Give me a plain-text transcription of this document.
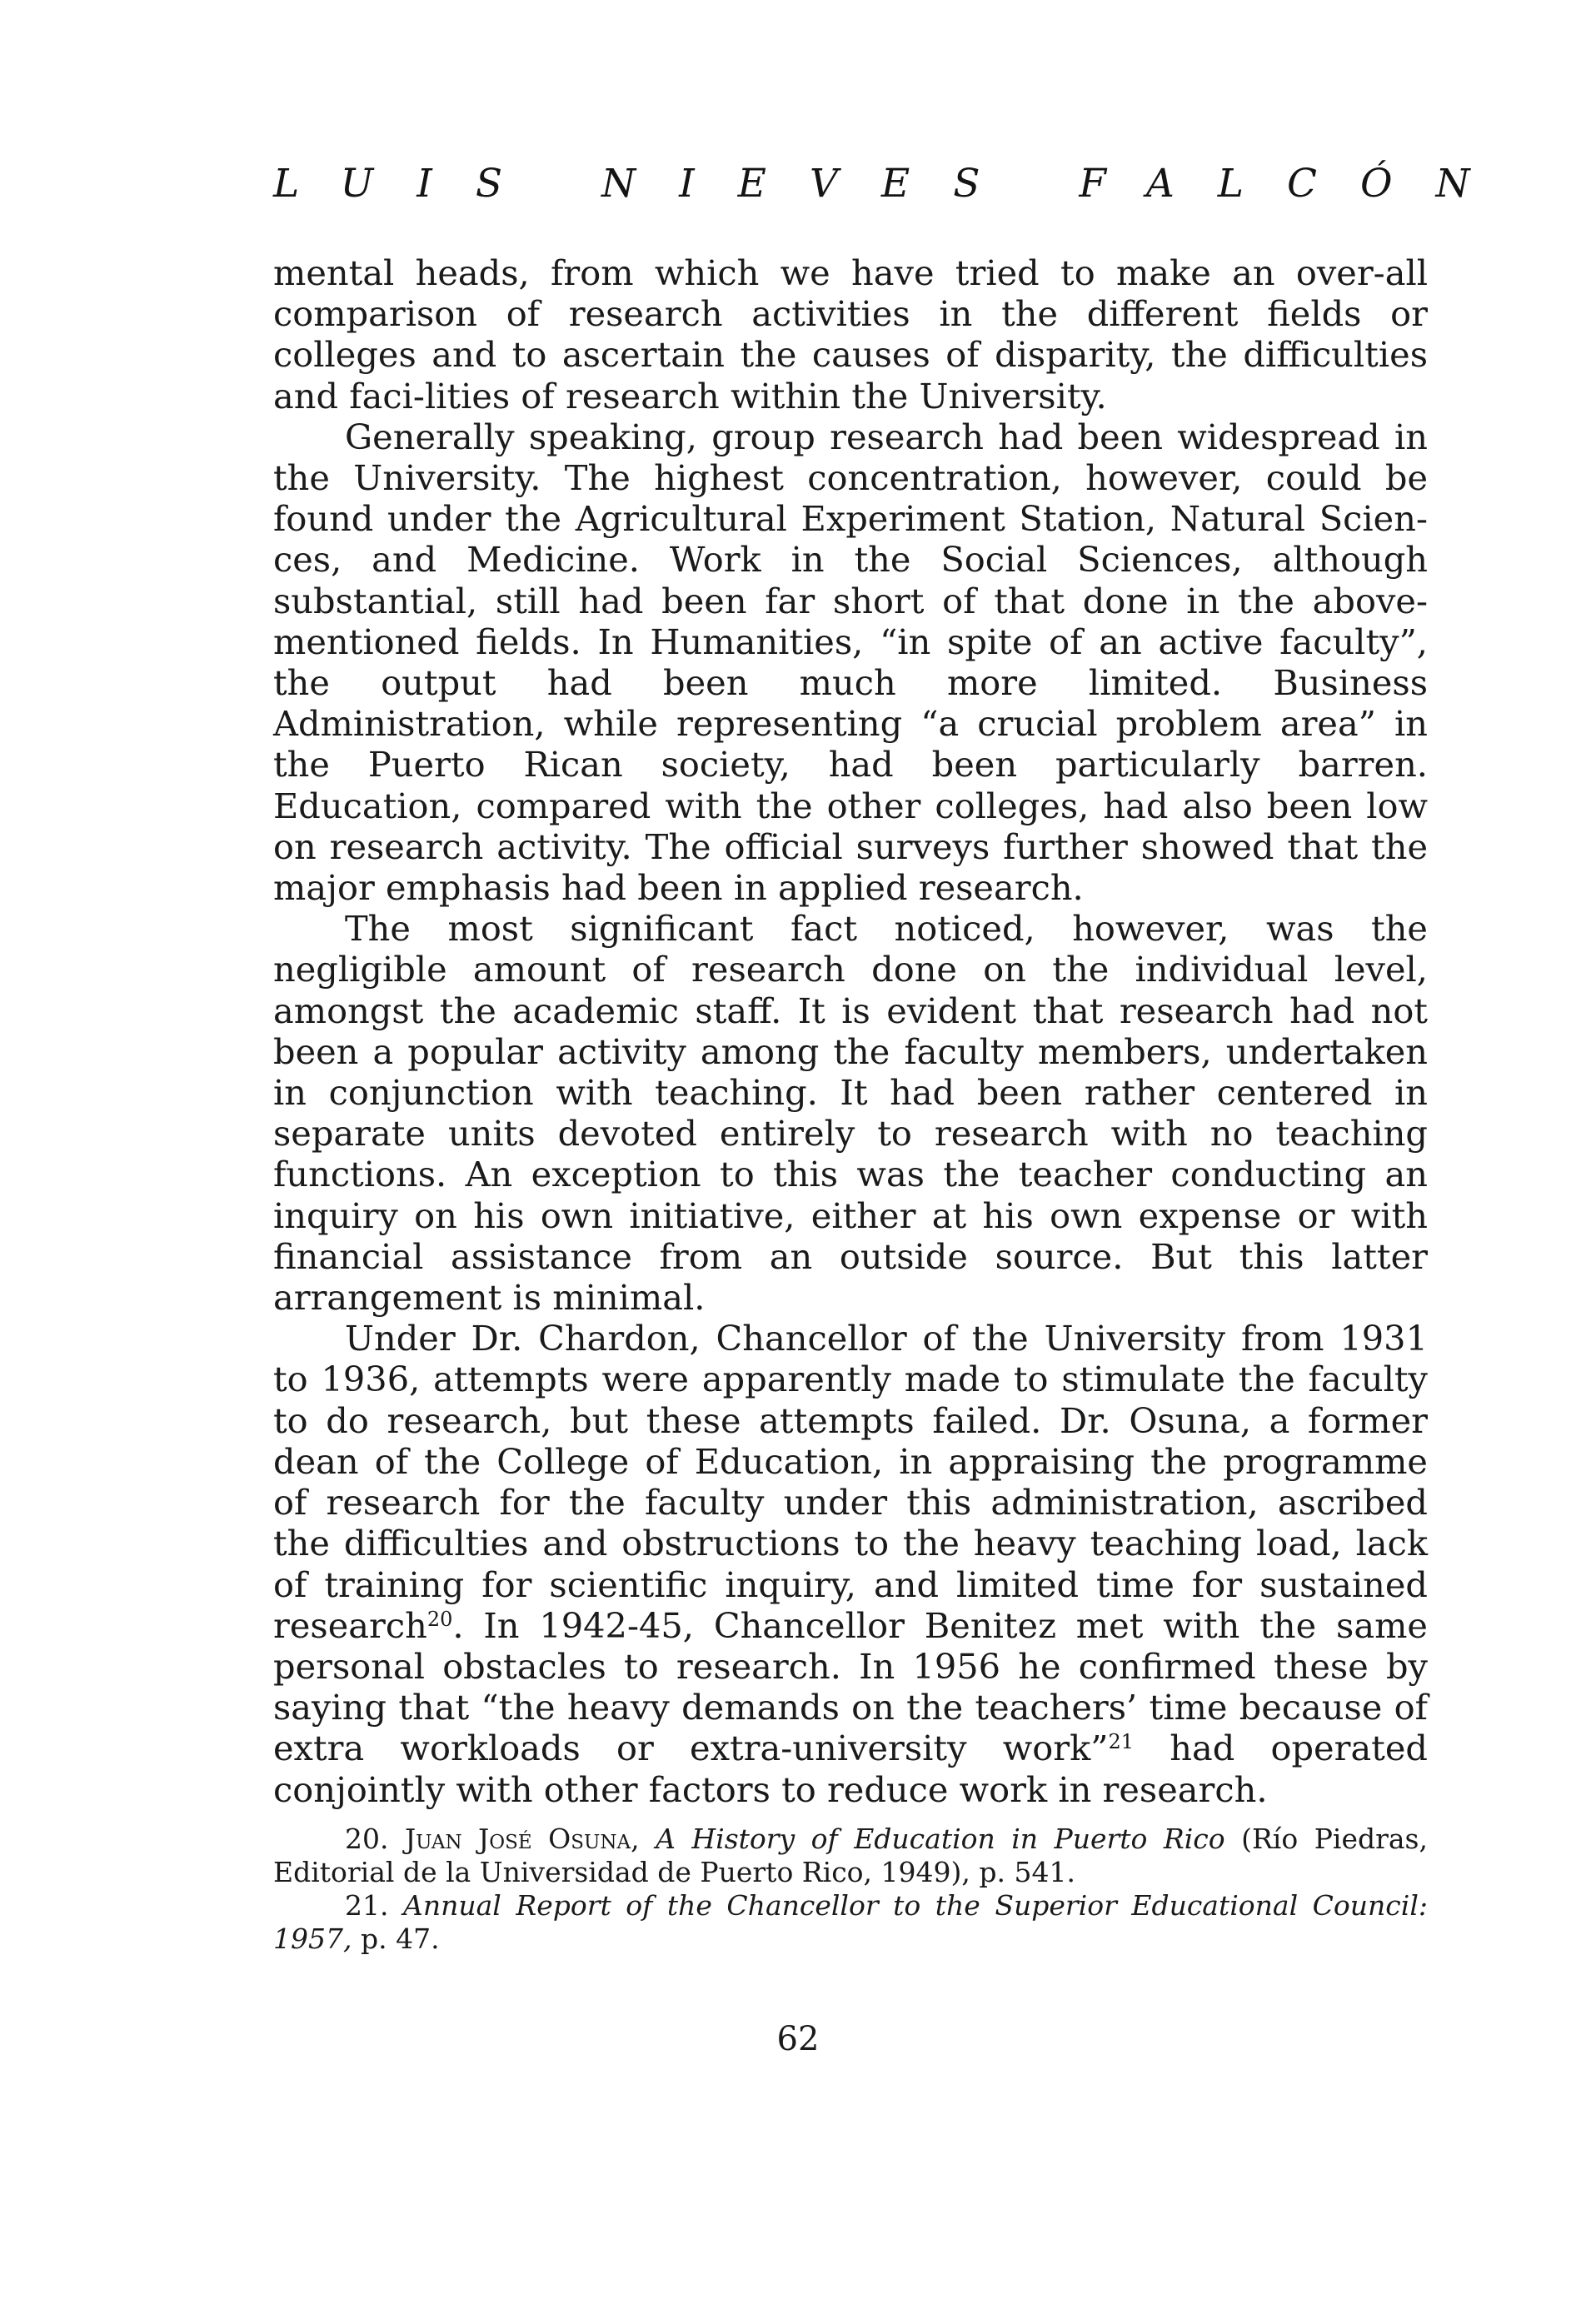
LUIS NIEVES FALCÓN

mental heads, from which we have tried to make an over-all comparison of research activities in the different fields or colleges and to ascertain the causes of disparity, the difficulties and faci-lities of research within the University.

Generally speaking, group research had been widespread in the University. The highest concentration, however, could be found under the Agricultural Experiment Station, Natural Sciences, and Medicine. Work in the Social Sciences, although substantial, still had been far short of that done in the above-mentioned fields. In Humanities, “in spite of an active faculty”, the output had been much more limited. Business Administration, while representing “a crucial problem area” in the Puerto Rican society, had been particularly barren. Education, compared with the other colleges, had also been low on research activity. The official surveys further showed that the major emphasis had been in applied research.

The most significant fact noticed, however, was the negligible amount of research done on the individual level, amongst the academic staff. It is evident that research had not been a popular activity among the faculty members, undertaken in conjunction with teaching. It had been rather centered in separate units devoted entirely to research with no teaching functions. An exception to this was the teacher conducting an inquiry on his own initiative, either at his own expense or with financial assistance from an outside source. But this latter arrangement is minimal.

Under Dr. Chardon, Chancellor of the University from 1931 to 1936, attempts were apparently made to stimulate the faculty to do research, but these attempts failed. Dr. Osuna, a former dean of the College of Education, in appraising the programme of research for the faculty under this administration, ascribed the difficulties and obstructions to the heavy teaching load, lack of training for scientific inquiry, and limited time for sustained research$^{20}$. In 1942-45, Chancellor Benitez met with the same personal obstacles to research. In 1956 he confirmed these by saying that “the heavy demands on the teachers’ time because of extra workloads or extra-university work”$^{21}$ had operated conjointly with other factors to reduce work in research.

20. Juan José Osuna, A History of Education in Puerto Rico (Río Piedras, Editorial de la Universidad de Puerto Rico, 1949), p. 541.

21. Annual Report of the Chancellor to the Superior Educational Council: 1957, p. 47.

62
